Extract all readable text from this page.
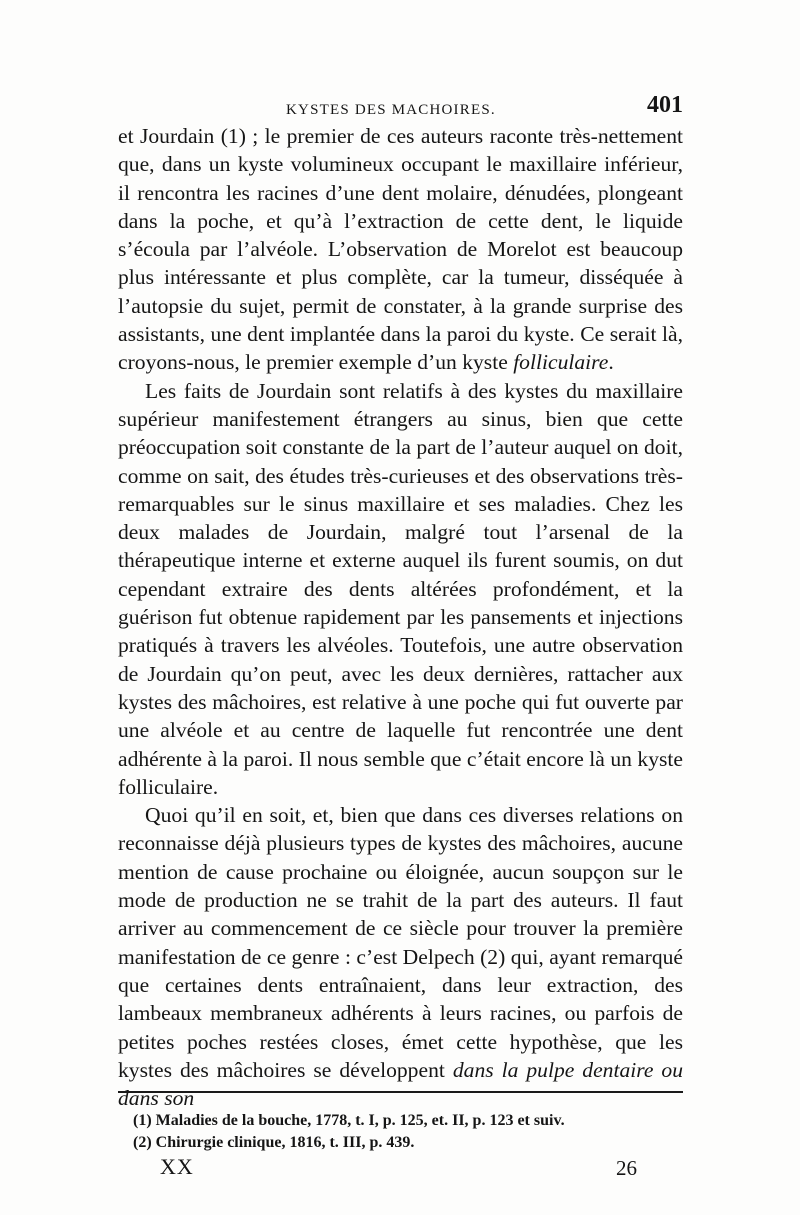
KYSTES DES MACHOIRES.	401

et Jourdain (1) ; le premier de ces auteurs raconte très-nettement que, dans un kyste volumineux occupant le maxillaire inférieur, il rencontra les racines d’une dent molaire, dénudées, plongeant dans la poche, et qu’à l’extraction de cette dent, le liquide s’écoula par l’alvéole. L’observation de Morelot est beaucoup plus intéressante et plus complète, car la tumeur, disséquée à l’autopsie du sujet, permit de constater, à la grande surprise des assistants, une dent implantée dans la paroi du kyste. Ce serait là, croyons-nous, le premier exemple d’un kyste folliculaire.

Les faits de Jourdain sont relatifs à des kystes du maxillaire supérieur manifestement étrangers au sinus, bien que cette préoccupation soit constante de la part de l’auteur auquel on doit, comme on sait, des études très-curieuses et des observations très-remarquables sur le sinus maxillaire et ses maladies. Chez les deux malades de Jourdain, malgré tout l’arsenal de la thérapeutique interne et externe auquel ils furent soumis, on dut cependant extraire des dents altérées profondément, et la guérison fut obtenue rapidement par les pansements et injections pratiqués à travers les alvéoles. Toutefois, une autre observation de Jourdain qu’on peut, avec les deux dernières, rattacher aux kystes des mâchoires, est relative à une poche qui fut ouverte par une alvéole et au centre de laquelle fut rencontrée une dent adhérente à la paroi. Il nous semble que c’était encore là un kyste folliculaire.

Quoi qu’il en soit, et, bien que dans ces diverses relations on reconnaisse déjà plusieurs types de kystes des mâchoires, aucune mention de cause prochaine ou éloignée, aucun soupçon sur le mode de production ne se trahit de la part des auteurs. Il faut arriver au commencement de ce siècle pour trouver la première manifestation de ce genre : c’est Delpech (2) qui, ayant remarqué que certaines dents entraînaient, dans leur extraction, des lambeaux membraneux adhérents à leurs racines, ou parfois de petites poches restées closes, émet cette hypothèse, que les kystes des mâchoires se développent dans la pulpe dentaire ou dans son

(1) Maladies de la bouche, 1778, t. I, p. 125, et. II, p. 123 et suiv.
(2) Chirurgie clinique, 1816, t. III, p. 439.
XX	26
